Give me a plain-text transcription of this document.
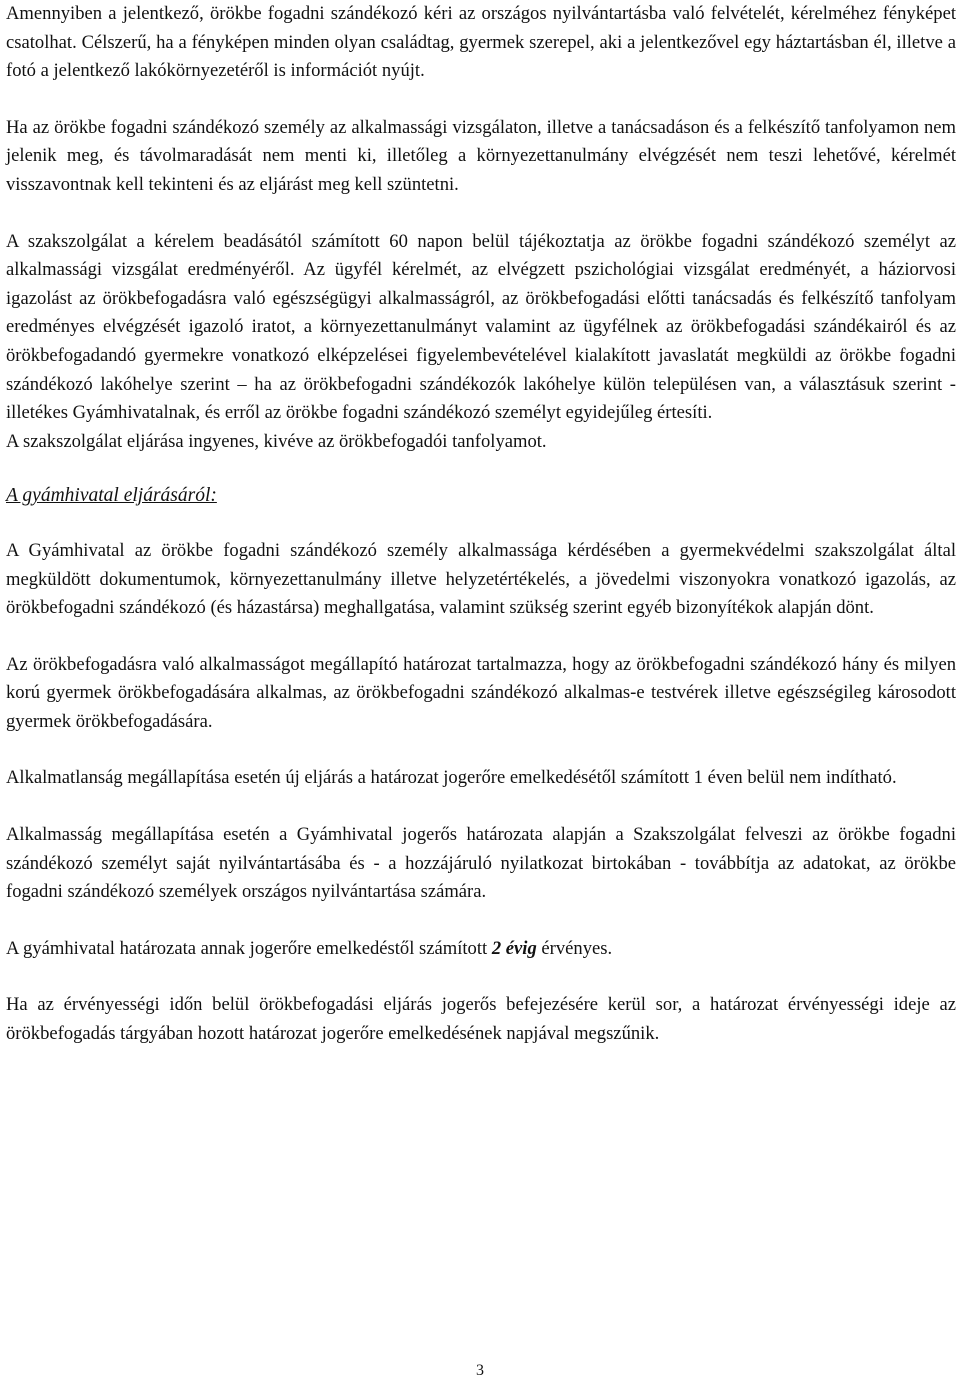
Amennyiben a jelentkező, örökbe fogadni szándékozó kéri az országos nyilvántartásba való felvételét, kérelméhez fényképet csatolhat. Célszerű, ha a fényképen minden olyan családtag, gyermek szerepel, aki a jelentkezővel egy háztartásban él, illetve a fotó a jelentkező lakókörnyezetéről is információt nyújt.

Ha az örökbe fogadni szándékozó személy az alkalmassági vizsgálaton, illetve a tanácsadáson és a felkészítő tanfolyamon nem jelenik meg, és távolmaradását nem menti ki, illetőleg a környezettanulmány elvégzését nem teszi lehetővé, kérelmét visszavontnak kell tekinteni és az eljárást meg kell szüntetni.

A szakszolgálat a kérelem beadásától számított 60 napon belül tájékoztatja az örökbe fogadni szándékozó személyt az alkalmassági vizsgálat eredményéről. Az ügyfél kérelmét, az elvégzett pszichológiai vizsgálat eredményét, a háziorvosi igazolást az örökbefogadásra való egészségügyi alkalmasságról, az örökbefogadási előtti tanácsadás és felkészítő tanfolyam eredményes elvégzését igazoló iratot, a környezettanulmányt valamint az ügyfélnek az örökbefogadási szándékairól és az örökbefogadandó gyermekre vonatkozó elképzelései figyelembevételével kialakított javaslatát megküldi az örökbe fogadni szándékozó lakóhelye szerint – ha az örökbefogadni szándékozók lakóhelye külön településen van, a választásuk szerint - illetékes Gyámhivatalnak, és erről az örökbe fogadni szándékozó személyt egyidejűleg értesíti.

A szakszolgálat eljárása ingyenes, kivéve az örökbefogadói tanfolyamot.

A gyámhivatal eljárásáról:

A Gyámhivatal az örökbe fogadni szándékozó személy alkalmassága kérdésében a gyermekvédelmi szakszolgálat által megküldött dokumentumok, környezettanulmány illetve helyzetértékelés, a jövedelmi viszonyokra vonatkozó igazolás, az örökbefogadni szándékozó (és házastársa) meghallgatása, valamint szükség szerint egyéb bizonyítékok alapján dönt.

Az örökbefogadásra való alkalmasságot megállapító határozat tartalmazza, hogy az örökbefogadni szándékozó hány és milyen korú gyermek örökbefogadására alkalmas, az örökbefogadni szándékozó alkalmas-e testvérek illetve egészségileg károsodott gyermek örökbefogadására.

Alkalmatlanság megállapítása esetén új eljárás a határozat jogerőre emelkedésétől számított 1 éven belül nem indítható.

Alkalmasság megállapítása esetén a Gyámhivatal jogerős határozata alapján a Szakszolgálat felveszi az örökbe fogadni szándékozó személyt saját nyilvántartásába és - a hozzájáruló nyilatkozat birtokában - továbbítja az adatokat, az örökbe fogadni szándékozó személyek országos nyilvántartása számára.

A gyámhivatal határozata annak jogerőre emelkedéstől számított 2 évig érvényes.

Ha az érvényességi időn belül örökbefogadási eljárás jogerős befejezésére kerül sor, a határozat érvényességi ideje az örökbefogadás tárgyában hozott határozat jogerőre emelkedésének napjával megszűnik.

3
